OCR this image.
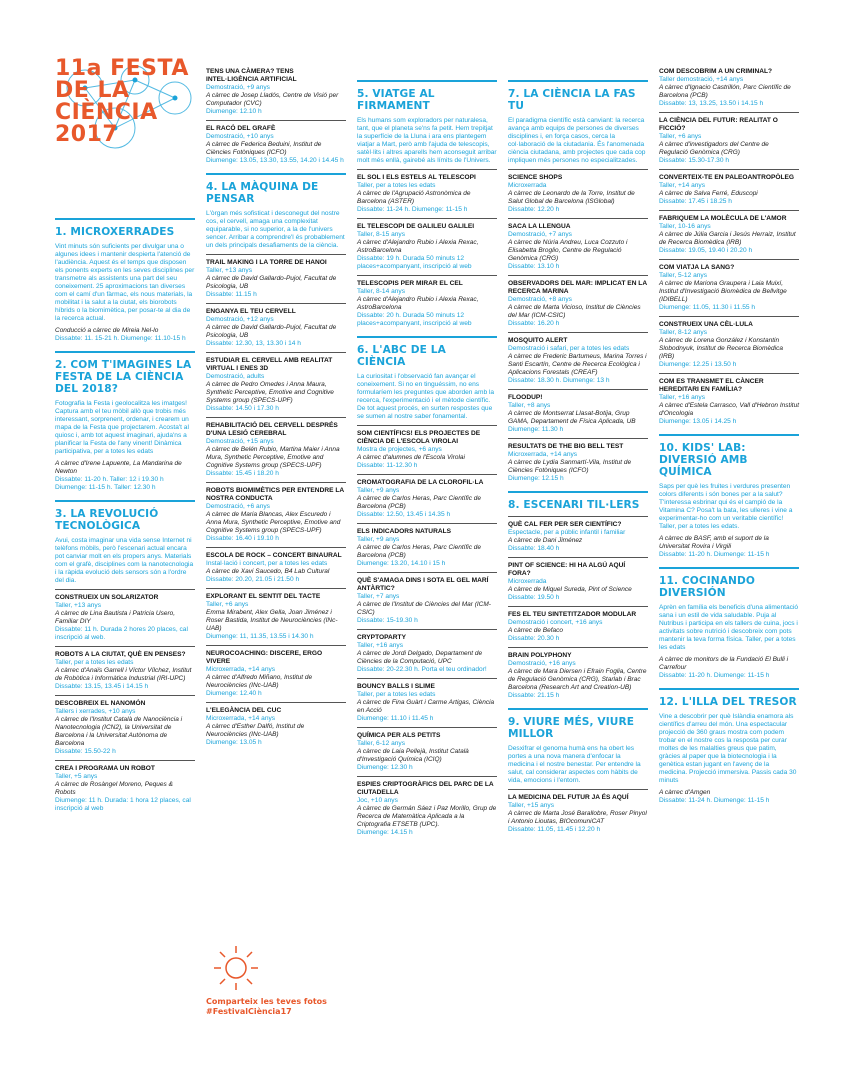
11a FESTA
DE LA
CIÈNCIA
2017
1. MICROXERRADES
Vint minuts són suficients per divulgar una o algunes idees i mantenir despierta l'atenció de l'audiència. Aquest és el temps que disposen els ponents experts en les seves disciplines per transmetre als assistents una part del seu coneixement. 25 aproximacions tan diverses com el camí d'un fàrmac, els nous materials, la mobilitat i la salut a la ciutat, els biorobots híbrids o la biomimètica, per posar-te al dia de la recerca actual.
Conducció a càrrec de Mireia Nel-lo
Dissabte: 11. 15-21 h. Diumenge: 11.10-15 h
2. COM T'IMAGINES LA FESTA DE LA CIÈNCIA DEL 2018?
Fotografia la Festa i geolocalitza les imatges! Captura amb el teu mòbil allò que trobis més interessant, sorprenent, ordenar, i crearem un mapa de la Festa que projectarem. Acosta't al quiosc i, amb tot aquest imaginari, ajuda'ns a planificar la Festa de l'any vinent! Dinàmica participativa, per a totes les edats
A càrrec d'Irene Lapuente, La Mandarina de Newton
Dissabte: 11-20 h. Taller: 12 i 19.30 h Diumenge: 11-15 h. Taller: 12.30 h
3. LA REVOLUCIÓ TECNOLÒGICA
Avui, costa imaginar una vida sense Internet ni telèfons mòbils, però l'escenari actual encara pot canviar molt en els propers anys. Materials com el grafè, disciplines com la nanotecnologia i la ràpida evolució dels sensors són a l'ordre del dia.
CONSTRUEIX UN SOLARIZATOR
Taller, +13 anys
A càrrec de Lina Bautista i Patricia Usero, Familiar DIY
Dissabte: 11 h. Durada 2 hores 20 places, cal inscripció al web.
ROBOTS A LA CIUTAT, QUÈ EN PENSES?
Taller, per a totes les edats
A càrrec d'Anaïs Garrell i Víctor Vílchez, Institut de Robòtica i Informàtica Industrial (IRI-UPC)
Dissabte: 13.15, 13.45 i 14.15 h
DESCOBREIX EL NANOMÓN
Tallers i xerrades, +10 anys
A càrrec de l'Institut Català de Nanociència i Nanotecnologia (ICN2), la Universitat de Barcelona i la Universitat Autònoma de Barcelona
Dissabte: 15.50-22 h
CREA I PROGRAMA UN ROBOT
Taller, +5 anys
A càrrec de Rosàngel Moreno, Peques & Robots
Diumenge: 11 h. Durada: 1 hora 12 places, cal inscripció al web
TENS UNA CÀMERA? TENS INTEL·LIGÈNCIA ARTIFICIAL
Demostració, +9 anys
A càrrec de Josep Lladós, Centre de Visió per Computador (CVC)
Diumenge: 12.10 h
EL RACÓ DEL GRAFÈ
Demostració, +10 anys
A càrrec de Federica Beduini, Institut de Ciències Fotòniques (ICFO)
Diumenge: 13.05, 13.30, 13.55, 14.20 i 14.45 h
4. LA MÀQUINA DE PENSAR
L'òrgan més sofisticat i desconegut del nostre cos, el cervell, amaga una complexitat equiparable, si no superior, a la de l'univers sencer. Arribar a comprendre'l és probablement un dels principals desafiaments de la ciència.
TRAIL MAKING I LA TORRE DE HANOI
Taller, +13 anys
A càrrec de David Gallardo-Pujol, Facultat de Psicologia, UB
Dissabte: 11.15 h
ENGANYA EL TEU CERVELL
Demostració, +12 anys
A càrrec de David Gallardo-Pujol, Facultat de Psicologia, UB
Dissabte: 12.30, 13, 13.30 i 14 h
ESTUDIAR EL CERVELL AMB REALITAT VIRTUAL I ENES 3D
Demostració, adults
A càrrec de Pedro Omedes i Anna Maura, Synthetic Perceptive, Emotive and Cognitive Systems group (SPECS-UPF)
Dissabte: 14.50 i 17.30 h
REHABILITACIÓ DEL CERVELL DESPRÉS D'UNA LESIÓ CEREBRAL
Demostració, +15 anys
A càrrec de Belén Rubio, Martina Maier i Anna Mura, Synthetic Perceptive, Emotive and Cognitive Systems group (SPECS-UPF)
Dissabte: 15.45 i 18.20 h
ROBOTS BIOMIMÈTICS PER ENTENDRE LA NOSTRA CONDUCTA
Demostració, +6 anys
A càrrec de Maria Blancas, Alex Escuredo i Anna Mura, Synthetic Perceptive, Emotive and Cognitive Systems group (SPECS-UPF)
Dissabte: 16.40 i 19.10 h
ESCOLA DE ROCK – CONCERT BINAURAL
Instal·lació i concert, per a totes les edats
A càrrec de Xavi Saucedo, B4 Lab Cultural
Dissabte: 20.20, 21.05 i 21.50 h
EXPLORANT EL SENTIT DEL TACTE
Taller, +6 anys
Emma Mirabent, Alex Gella, Joan Jiménez i Roser Bastida, Institut de Neurociències (INc-UAB)
Diumenge: 11, 11.35, 13.55 i 14.30 h
NEUROCOACHING: DISCERE, ERGO VIVERE
Microxerrada, +14 anys
A càrrec d'Alfredo Miñano, Institut de Neurociències (INc-UAB)
Diumenge: 12.40 h
L'ELEGÀNCIA DEL CUC
Microxerrada, +14 anys
A càrrec d'Esther Dalfó, Institut de Neurociències (INc-UAB)
Diumenge: 13.05 h
5. VIATGE AL FIRMAMENT
Els humans som exploradors per naturalesa, tant, que el planeta se'ns fa petit. Hem trepitjat la superfície de la Lluna i ara ens plantegem viatjar a Mart, però amb l'ajuda de telescopis, satèl·lits i altres aparells hem aconseguit arribar molt més enllà, gairebé als límits de l'Univers.
EL SOL I ELS ESTELS AL TELESCOPI
Taller, per a totes les edats
A càrrec de l'Agrupació Astronòmica de Barcelona (ASTER)
Dissabte: 11-24 h. Diumenge: 11-15 h
EL TELESCOPI DE GALILEU GALILEI
Taller, 8-15 anys
A càrrec d'Alejandro Rubio i Alexia Rexac, AstroBarcelona
Dissabte: 19 h. Durada 50 minuts 12 places+acompanyant, inscripció al web
TELESCOPIS PER MIRAR EL CEL
Taller, 8-14 anys
A càrrec d'Alejandro Rubio i Alexia Rexac, AstroBarcelona
Dissabte: 20 h. Durada 50 minuts 12 places+acompanyant, inscripció al web
6. L'ABC DE LA CIÈNCIA
La curiositat i l'observació fan avançar el coneixement. Si no en tinguéssim, no ens formularíem les preguntes que aborden amb la recerca, l'experimentació i el mètode científic. De tot aquest procés, en surten respostes que se sumen al nostre saber fonamental.
SOM CIENTÍFICS! ELS PROJECTES DE CIÈNCIA DE L'ESCOLA VIROLAI
Mostra de projectes, +6 anys
A càrrec d'alumnes de l'Escola Virolai
Dissabte: 11-12.30 h
CROMATOGRAFIA DE LA CLOROFIL·LA
Taller, +9 anys
A càrrec de Carlos Heras, Parc Científic de Barcelona (PCB)
Dissabte: 12.50, 13.45 i 14.35 h
ELS INDICADORS NATURALS
Taller, +9 anys
A càrrec de Carlos Heras, Parc Científic de Barcelona (PCB)
Diumenge: 13.20, 14.10 i 15 h
QUÈ S'AMAGA DINS I SOTA EL GEL MARÍ ANTÀRTIC?
Taller, +7 anys
A càrrec de l'Institut de Ciències del Mar (ICM-CSIC)
Dissabte: 15-19.30 h
CRYPTOPARTY
Taller, +16 anys
A càrrec de Jordi Delgado, Departament de Ciències de la Computació, UPC
Dissabte: 20-22.30 h. Porta el teu ordinador!
BOUNCY BALLS I SLIME
Taller, per a totes les edats
A càrrec de Fina Guàrt i Carme Artigas, Ciència en Acció
Diumenge: 11.10 i 11.45 h
QUÍMICA PER ALS PETITS
Taller, 6-12 anys
A càrrec de Laia Pellejà, Institut Català d'Investigació Química (ICIQ)
Diumenge: 12.30 h
ESPIES CRIPTOGRÀFICS DEL PARC DE LA CIUTADELLA
Joc, +10 anys
A càrrec de Germán Sáez i Paz Morillo, Grup de Recerca de Matemàtica Aplicada a la Criptografia ETSETB (UPC).
Diumenge: 14.15 h
7. LA CIÈNCIA LA FAS TU
El paradigma científic està canviant: la recerca avança amb equips de persones de diverses disciplines i, en força casos, cerca la col·laboració de la ciutadania. És l'anomenada ciència ciutadana, amb projectes que cada cop impliquen més persones no especialitzades.
SCIENCE SHOPS
Microxerrada
A càrrec de Leonardo de la Torre, Institut de Salut Global de Barcelona (ISGlobal)
Dissabte: 12.20 h
SACA LA LLENGUA
Demostració, +7 anys
A càrrec de Núria Andreu, Luca Cozzuto i Elisabetta Broglio, Centre de Regulació Genòmica (CRG)
Dissabte: 13.10 h
OBSERVADORS DEL MAR: IMPLICAT EN LA RECERCA MARINA
Demostració, +8 anys
A càrrec de Marta Vicioso, Institut de Ciències del Mar (ICM-CSIC)
Dissabte: 16.20 h
MOSQUITO ALERT
Demostració i safari, per a totes les edats
A càrrec de Frederic Bartumeus, Marina Torres i Santi Escartín, Centre de Recerca Ecològica i Aplicacions Forestals (CREAF)
Dissabte: 18.30 h. Diumenge: 13 h
FLOODUP!
Taller, +8 anys
A càrrec de Montserrat Llasat-Botija, Grup GAMA, Departament de Física Aplicada, UB
Diumenge: 11.30 h
RESULTATS DE THE BIG BELL TEST
Microxerrada, +14 anys
A càrrec de Lydia Sanmartí-Vila, Institut de Ciències Fotòniques (ICFO)
Diumenge: 12.15 h
8. ESCENARI TIL·LERS
QUÈ CAL FER PER SER CIENTÍFIC?
Espectacle, per a públic infantil i familiar
A càrrec de Dani Jiménez
Dissabte: 18.40 h
PINT OF SCIENCE: HI HA ALGÚ AQUÍ FORA?
Microxerrada
A càrrec de Miquel Sureda, Pint of Science
Dissabte: 19.50 h
FES EL TEU SINTETITZADOR MODULAR
Demostració i concert, +16 anys
A càrrec de Befaco
Dissabte: 20.30 h
BRAIN POLYPHONY
Demostració, +16 anys
A càrrec de Mara Diersen i Efrain Foglia, Centre de Regulació Genòmica (CRG), Starlab i Brac Barcelona (Research Art and Creation-UB)
Dissabte: 21.15 h
9. VIURE MÉS, VIURE MILLOR
Desxifrar el genoma humà ens ha obert les portes a una nova manera d'enfocar la medicina i el nostre benestar. Per entendre la salut, cal considerar aspectes com hàbits de vida, emocions i l'entorn.
LA MEDICINA DEL FUTUR JA ÉS AQUÍ
Taller, +15 anys
A càrrec de Marta José Barallobre, Roser Pinyol i Antonio Lioutas, BIOcomuniCAT
Dissabte: 11.05, 11.45 i 12.20 h
COM DESCOBRIM A UN CRIMINAL?
Taller demostració, +14 anys
A càrrec d'Ignacio Castrillón, Parc Científic de Barcelona (PCB)
Dissabte: 13, 13.25, 13.50 i 14.15 h
LA CIÈNCIA DEL FUTUR: REALITAT O FICCIÓ?
Taller, +6 anys
A càrrec d'investigadors del Centre de Regulació Genòmica (CRG)
Dissabte: 15.30-17.30 h
CONVERTEIX-TE EN PALEOANTROPÒLEG
Taller, +14 anys
A càrrec de Salva Ferré, Eduscopi
Dissabte: 17.45 i 18.25 h
FABRIQUEM LA MOLÈCULA DE L'AMOR
Taller, 10-16 anys
A càrrec de Júlia Garcia i Jesús Herraiz, Institut de Recerca Biomèdica (IRB)
Dissabte: 19.05, 19.40 i 20.20 h
COM VIATJA LA SANG?
Taller, 5-12 anys
A càrrec de Mariona Graupera i Laia Muixí, Institut d'Investigació Biomèdica de Bellvitge (IDIBELL)
Diumenge: 11.05, 11.30 i 11.55 h
CONSTRUEIX UNA CÈL·LULA
Taller, 8-12 anys
A càrrec de Lorena González i Konstantin Slobodnyuk, Institut de Recerca Biomèdica (IRB)
Diumenge: 12.25 i 13.50 h
COM ES TRANSMET EL CÀNCER HEREDITARI EN FAMÍLIA?
Taller, +16 anys
A càrrec d'Estela Carrasco, Vall d'Hebron Institut d'Oncologia
Diumenge: 13.05 i 14.25 h
10. KIDS' LAB: DIVERSIÓ AMB QUÍMICA
Saps per què les fruites i verdures presenten colors diferents i són bones per a la salut? T'interessa esbrinar qui és el campió de la Vitamina C? Posa't la bata, les ulleres i vine a experimentar-ho com un veritable científic! Taller, per a totes les edats.
A càrrec de BASF, amb el suport de la Universitat Rovira i Virgili
Dissabte: 11-20 h. Diumenge: 11-15 h
11. COCINANDO DIVERSIÓN
Aprèn en família els beneficis d'una alimentació sana i un estil de vida saludable. Puja al Nutribus i participa en els tallers de cuina, jocs i activitats sobre nutrició i descobreix com pots mantenir la teva forma física. Taller, per a totes les edats
A càrrec de monitors de la Fundació El Bulli i Carrefour
Dissabte: 11-20 h. Diumenge: 11-15 h
12. L'ILLA DEL TRESOR
Vine a descobrir per què Islàndia enamora als científics d'arreu del món. Una espectacular projecció de 360 graus mostra com podem trobar en el nostre cos la resposta per curar moltes de les malalties greus que patim, gràcies al paper que la biotecnologia i la genètica estan jugant en l'avenç de la medicina. Projecció immersiva. Passis cada 30 minuts
A càrrec d'Amgen
Dissabte: 11-24 h. Diumenge: 11-15 h
Comparteix les teves fotos
#FestivalCiència17
